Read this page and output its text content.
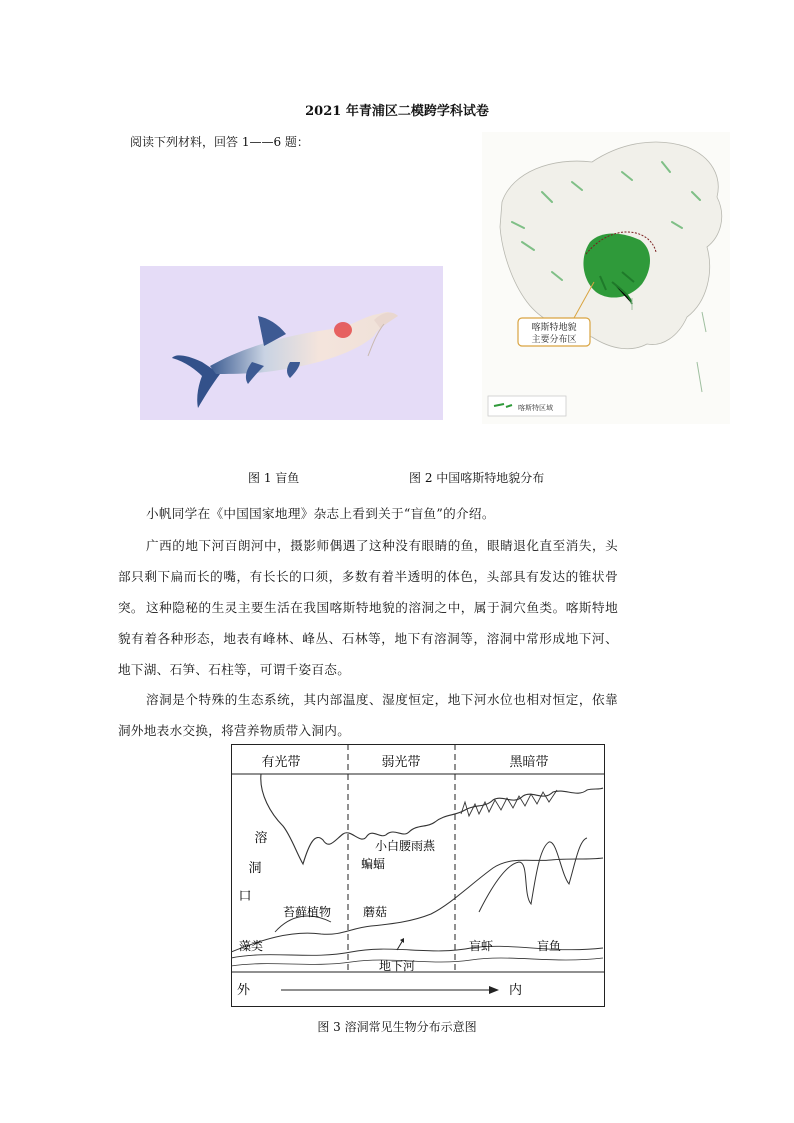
2021 年青浦区二模跨学科试卷
阅读下列材料，回答 1——6 题：
喀斯特地貌
主要分布区
喀斯特区域
图 1 盲鱼	图 2 中国喀斯特地貌分布
小帆同学在《中国国家地理》杂志上看到关于“盲鱼”的介绍。
广西的地下河百朗河中，摄影师偶遇了这种没有眼睛的鱼，眼睛退化直至消失，头部只剩下扁而长的嘴，有长长的口须，多数有着半透明的体色，头部具有发达的锥状骨突。 这种隐秘的生灵主要生活在我国喀斯特地貌的溶洞之中，属于洞穴鱼类。喀斯特地貌有着各种形态，地表有峰林、峰丛、石林等，地下有溶洞等，溶洞中常形成地下河、地下湖、石笋、石柱等，可谓千姿百态。
溶洞是个特殊的生态系统，其内部温度、湿度恒定，地下河水位也相对恒定，依靠洞外地表水交换，将营养物质带入洞内。
有光带	弱光带	黑暗带
溶
洞
口
小白腰雨燕
蝙蝠
苔藓植物	蘑菇
藻类	盲虾	盲鱼
地下河
外	内
图 3 溶洞常见生物分布示意图
